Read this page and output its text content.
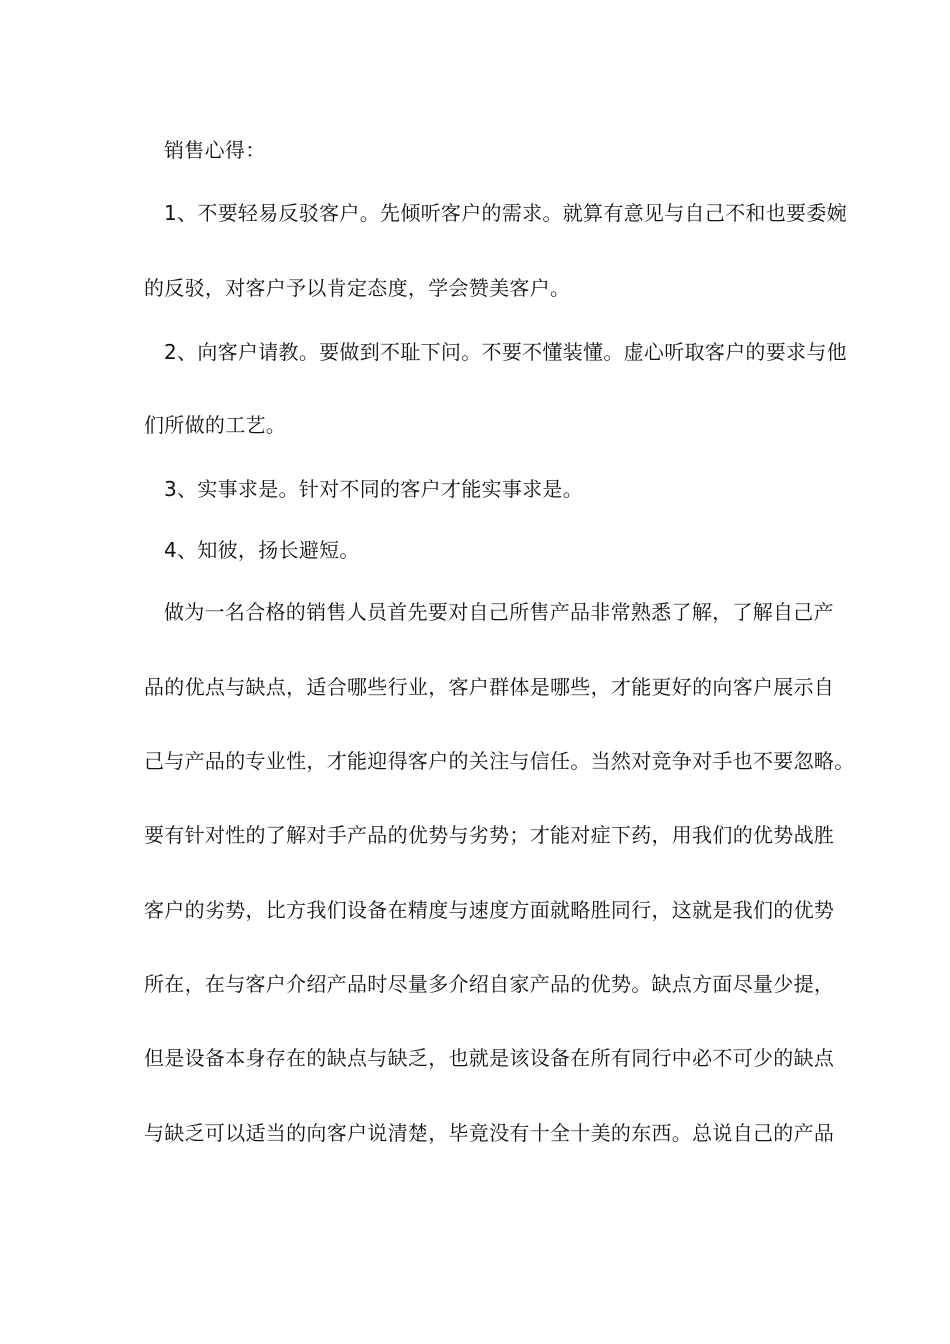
销售心得：
1、不要轻易反驳客户。先倾听客户的需求。就算有意见与自己不和也要委婉
的反驳，对客户予以肯定态度，学会赞美客户。
2、向客户请教。要做到不耻下问。不要不懂装懂。虚心听取客户的要求与他
们所做的工艺。
3、实事求是。针对不同的客户才能实事求是。
4、知彼，扬长避短。
做为一名合格的销售人员首先要对自己所售产品非常熟悉了解，了解自己产
品的优点与缺点，适合哪些行业，客户群体是哪些，才能更好的向客户展示自
己与产品的专业性，才能迎得客户的关注与信任。当然对竞争对手也不要忽略。
要有针对性的了解对手产品的优势与劣势；才能对症下药，用我们的优势战胜
客户的劣势，比方我们设备在精度与速度方面就略胜同行，这就是我们的优势
所在，在与客户介绍产品时尽量多介绍自家产品的优势。缺点方面尽量少提，
但是设备本身存在的缺点与缺乏，也就是该设备在所有同行中必不可少的缺点
与缺乏可以适当的向客户说清楚，毕竟没有十全十美的东西。总说自己的产品
